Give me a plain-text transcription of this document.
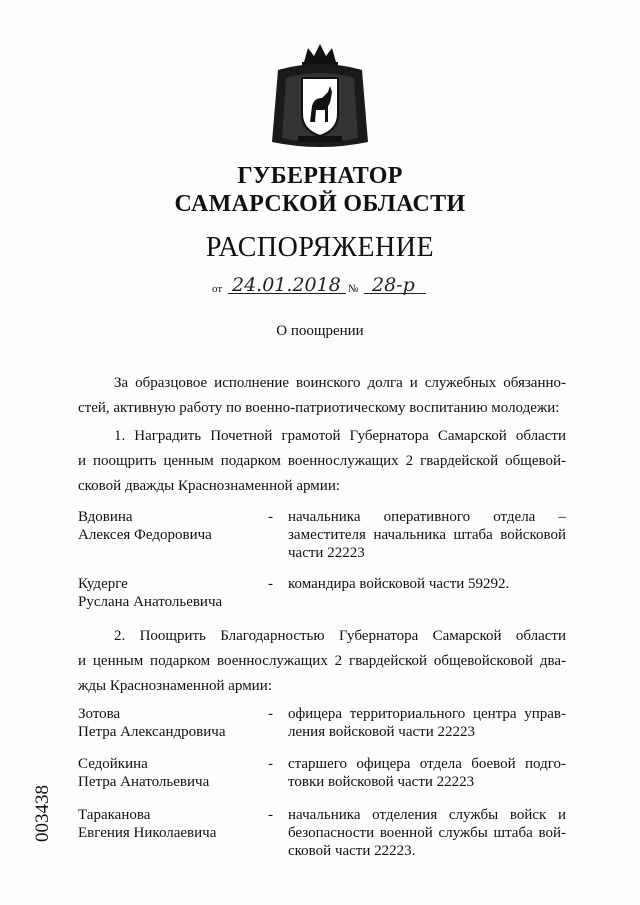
ГУБЕРНАТОР
САМАРСКОЙ ОБЛАСТИ
РАСПОРЯЖЕНИЕ
от 24.01.2018 № 28-р
О поощрении
За образцовое исполнение воинского долга и служебных обязанно-
стей, активную работу по военно-патриотическому воспитанию молодежи:
1. Наградить Почетной грамотой Губернатора Самарской области
и поощрить ценным подарком военнослужащих 2 гвардейской общевой-
сковой дважды Краснознаменной армии:
Вдовина
Алексея Федоровича
- начальника оперативного отдела –
заместителя начальника штаба войсковой
части 22223
Кудерге
Руслана Анатольевича
- командира войсковой части 59292.
2. Поощрить Благодарностью Губернатора Самарской области
и ценным подарком военнослужащих 2 гвардейской общевойсковой два-
жды Краснознаменной армии:
Зотова
Петра Александровича
- офицера территориального центра управ-
ления войсковой части 22223
Седойкина
Петра Анатольевича
- старшего офицера отдела боевой подго-
товки войсковой части 22223
Тараканова
Евгения Николаевича
- начальника отделения службы войск и
безопасности военной службы штаба вой-
сковой части 22223.
003438
